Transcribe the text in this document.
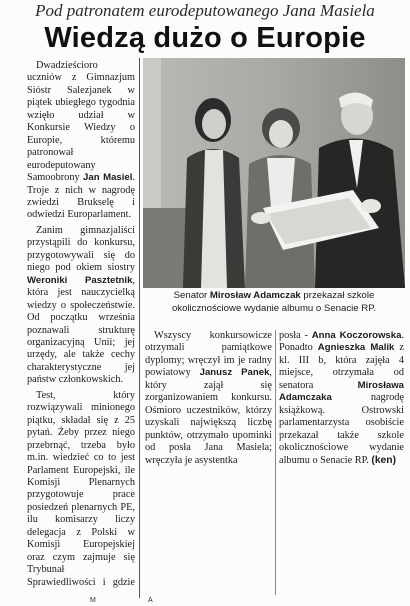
Pod patronatem eurodeputowanego Jana Masiela
Wiedzą dużo o Europie

Dwadzieściorо uczniów z Gimnazjum Sióstr Salezjanek w piątek ubiegłego tygodnia wzięło udział w Konkursie Wiedzy o Europie, któremu patronował eurodeputowany Samoobrony Jan Masiel. Troje z nich w nagrodę zwiedzi Brukselę i odwiedzi Europarlament.

Zanim gimnazjaliści przystąpili do konkursu, przygotowywali się do niego pod okiem siostry Weroniki Pasztetnik, która jest nauczycielką wiedzy o społeczeństwie. Od początku września poznawali strukturę organizacyjną Unii; jej urzędy, ale także cechy charakterystyczne jej państw członkowskich.

Test, który rozwiązywali minionego piątku, składał się z 25 pytań. Żeby przez niego przebrnąć, trzeba było m.in. wiedzieć co to jest Parlament Europejski, ile Komisji Plenarnych przygotowuje prace posiedzeń plenarnych PE, ilu komisarzy liczy delegacja z Polski w Komisji Europejskiej oraz czym zajmuje się Trybunał Sprawiedliwości i gdzie

Senator Mirosław Adamczak przekazał szkole okolicznościowe wydanie albumu o Senacie RP.

Wszyscy konkursowicze otrzymali pamiątkowe dyplomy; wręczył im je radny powiatowy Janusz Panek, który zajął się zorganizowaniem konkursu. Ośmioro uczestników, którzy uzyskali największą liczbę punktów, otrzymało upominki od posła Jana Masiela; wręczyła je asystentka

posła - Anna Koczorowska. Ponadto Agnieszka Malik z kl. III b, która zajęła 4 miejsce, otrzymała od senatora Mirosława Adamczaka nagrodę książkową. Ostrowski parlamentarzysta osobiście przekazał także szkole okolicznościowe wydanie albumu o Senacie RP. (ken)

M	A
